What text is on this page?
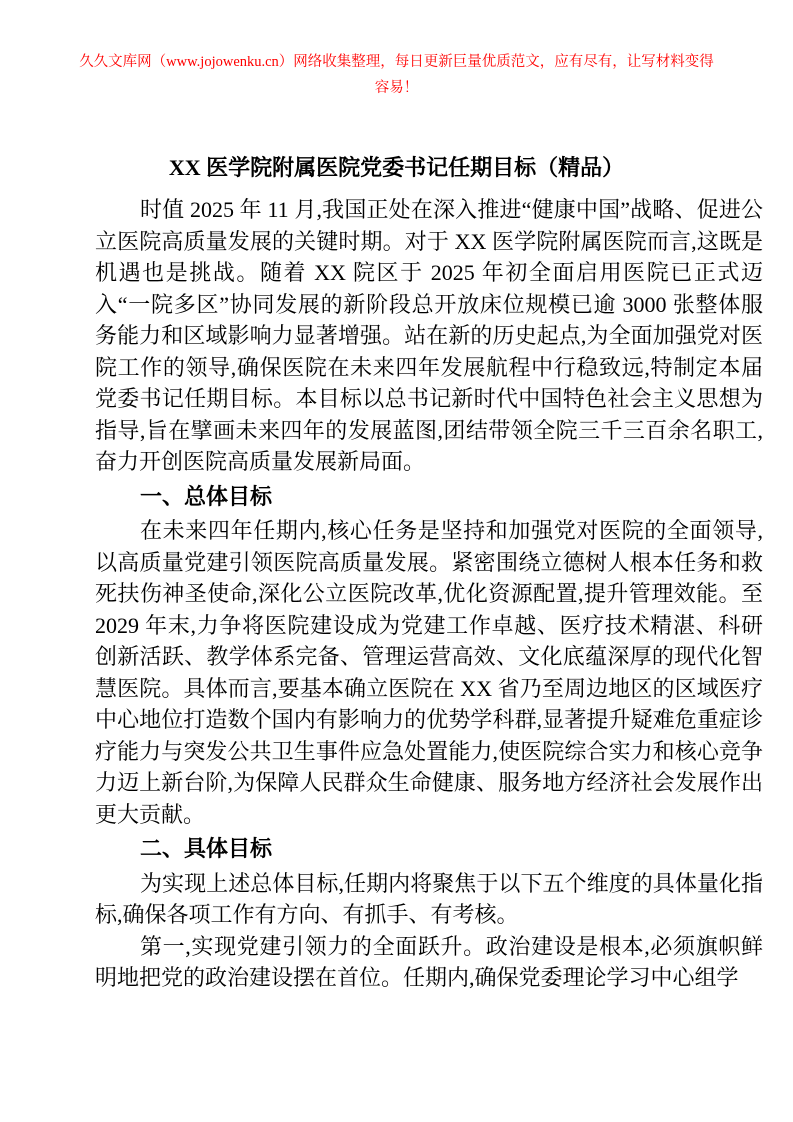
久久文库网（www.jojowenku.cn）网络收集整理，每日更新巨量优质范文，应有尽有，让写材料变得容易！
XX 医学院附属医院党委书记任期目标（精品）

时值 2025 年 11 月,我国正处在深入推进“健康中国”战略、促进公立医院高质量发展的关键时期。对于 XX 医学院附属医院而言,这既是机遇也是挑战。随着 XX 院区于 2025 年初全面启用医院已正式迈入“一院多区”协同发展的新阶段总开放床位规模已逾 3000 张整体服务能力和区域影响力显著增强。站在新的历史起点,为全面加强党对医院工作的领导,确保医院在未来四年发展航程中行稳致远,特制定本届党委书记任期目标。本目标以总书记新时代中国特色社会主义思想为指导,旨在擘画未来四年的发展蓝图,团结带领全院三千三百余名职工,奋力开创医院高质量发展新局面。

一、总体目标

在未来四年任期内,核心任务是坚持和加强党对医院的全面领导,以高质量党建引领医院高质量发展。紧密围绕立德树人根本任务和救死扶伤神圣使命,深化公立医院改革,优化资源配置,提升管理效能。至 2029 年末,力争将医院建设成为党建工作卓越、医疗技术精湛、科研创新活跃、教学体系完备、管理运营高效、文化底蕴深厚的现代化智慧医院。具体而言,要基本确立医院在 XX 省乃至周边地区的区域医疗中心地位打造数个国内有影响力的优势学科群,显著提升疑难危重症诊疗能力与突发公共卫生事件应急处置能力,使医院综合实力和核心竞争力迈上新台阶,为保障人民群众生命健康、服务地方经济社会发展作出更大贡献。

二、具体目标

为实现上述总体目标,任期内将聚焦于以下五个维度的具体量化指标,确保各项工作有方向、有抓手、有考核。

第一,实现党建引领力的全面跃升。政治建设是根本,必须旗帜鲜明地把党的政治建设摆在首位。任期内,确保党委理论学习中心组学
